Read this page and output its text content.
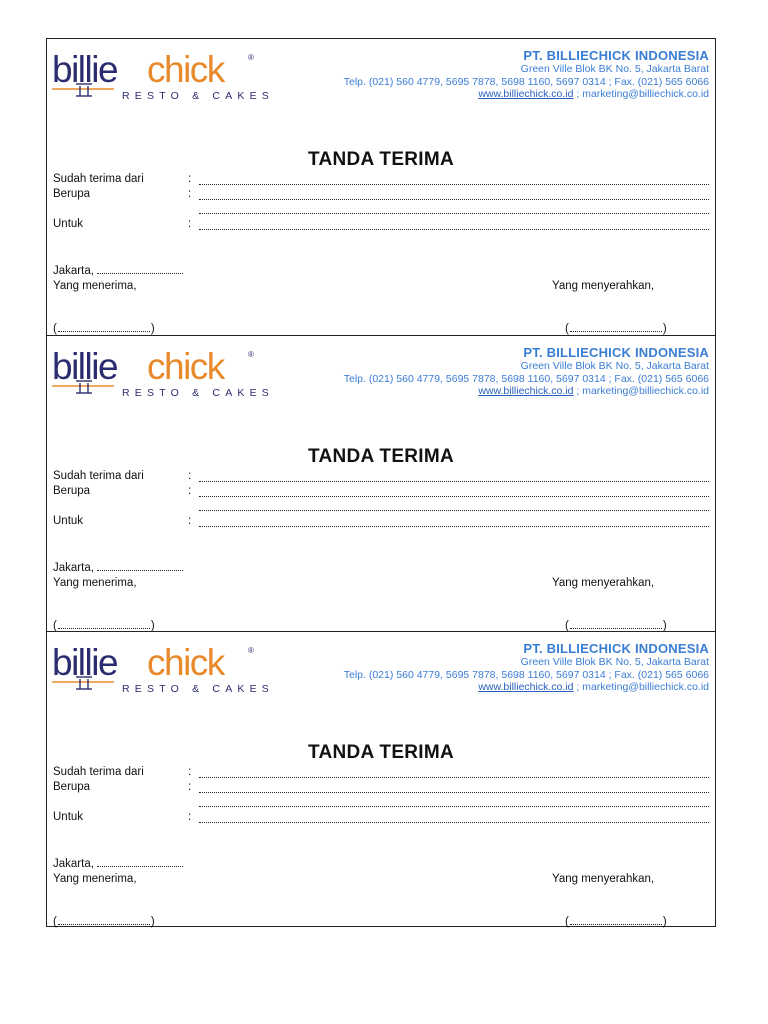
billie chick	®
RESTO & CAKES
PT. BILLIECHICK INDONESIA
Green Ville Blok BK No. 5, Jakarta Barat
Telp. (021) 560 4779, 5695 7878, 5698 1160, 5697 0314 ; Fax. (021) 565 6066
www.billiechick.co.id ; marketing@billiechick.co.id
TANDA TERIMA
Sudah terima dari	:
Berupa	:
Untuk	:
Jakarta,
Yang menerima,	Yang menyerahkan,
(	)	(	)
billie chick	®
RESTO & CAKES
PT. BILLIECHICK INDONESIA
Green Ville Blok BK No. 5, Jakarta Barat
Telp. (021) 560 4779, 5695 7878, 5698 1160, 5697 0314 ; Fax. (021) 565 6066
www.billiechick.co.id ; marketing@billiechick.co.id
TANDA TERIMA
Sudah terima dari	:
Berupa	:
Untuk	:
Jakarta,
Yang menerima,	Yang menyerahkan,
(	)	(	)
billie chick	®
RESTO & CAKES
PT. BILLIECHICK INDONESIA
Green Ville Blok BK No. 5, Jakarta Barat
Telp. (021) 560 4779, 5695 7878, 5698 1160, 5697 0314 ; Fax. (021) 565 6066
www.billiechick.co.id ; marketing@billiechick.co.id
TANDA TERIMA
Sudah terima dari	:
Berupa	:
Untuk	:
Jakarta,
Yang menerima,	Yang menyerahkan,
(	)	(	)
